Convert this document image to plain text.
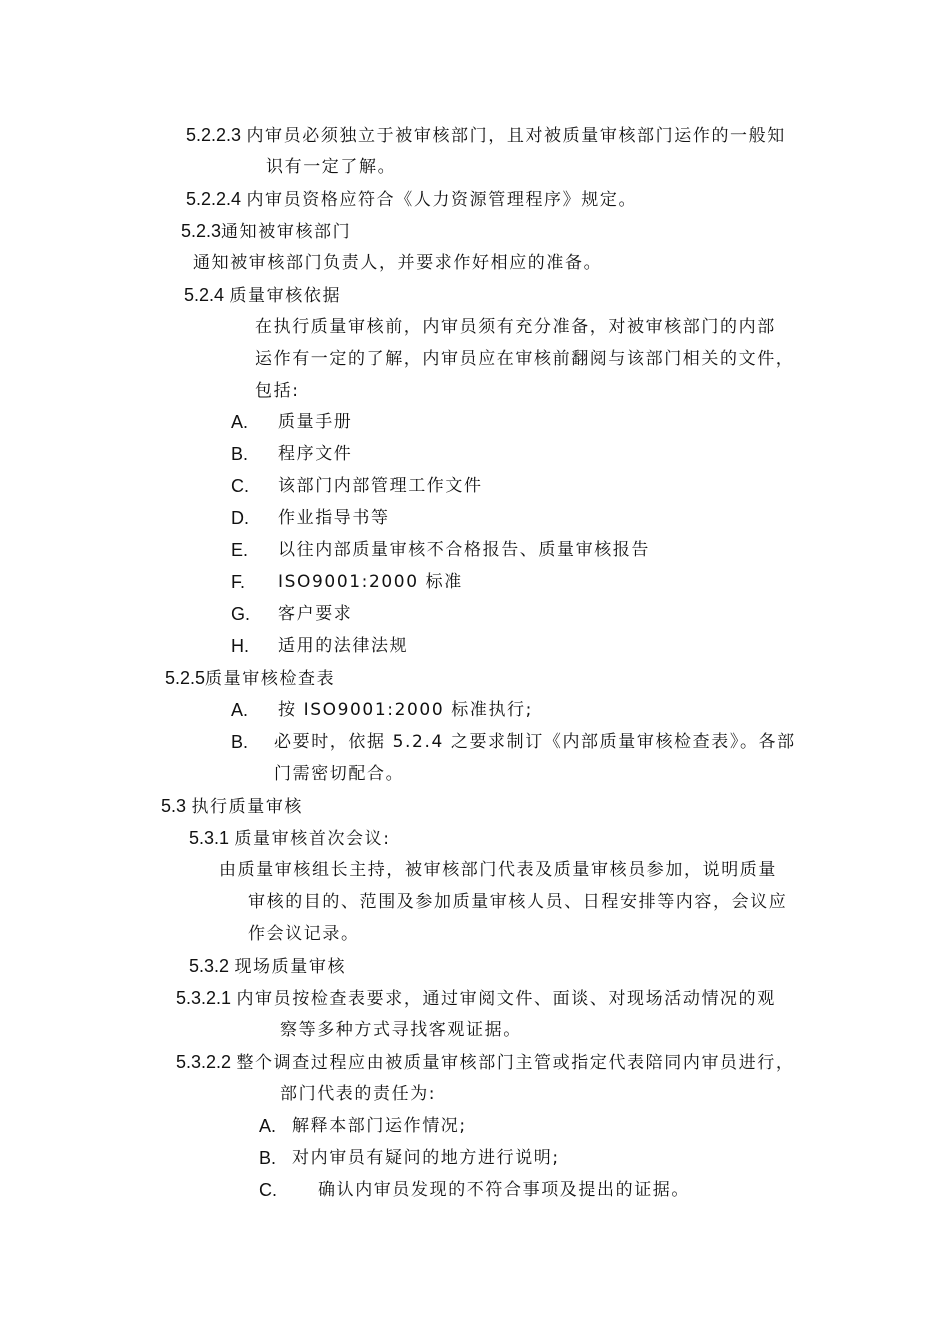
5.2.2.3 内审员必须独立于被审核部门，且对被质量审核部门运作的一般知
识有一定了解。
5.2.2.4 内审员资格应符合《人力资源管理程序》规定。
5.2.3通知被审核部门
通知被审核部门负责人，并要求作好相应的准备。
5.2.4 质量审核依据
在执行质量审核前，内审员须有充分准备，对被审核部门的内部
运作有一定的了解，内审员应在审核前翻阅与该部门相关的文件，
包括:
A. 质量手册
B. 程序文件
C. 该部门内部管理工作文件
D. 作业指导书等
E. 以往内部质量审核不合格报告、质量审核报告
F. ISO9001:2000 标准
G. 客户要求
H. 适用的法律法规
5.2.5质量审核检查表
A. 按 ISO9001:2000 标准执行;
B. 必要时，依据 5.2.4 之要求制订《内部质量审核检查表》。各部
门需密切配合。
5.3 执行质量审核
5.3.1 质量审核首次会议:
由质量审核组长主持，被审核部门代表及质量审核员参加，说明质量
审核的目的、范围及参加质量审核人员、日程安排等内容，会议应
作会议记录。
5.3.2 现场质量审核
5.3.2.1 内审员按检查表要求，通过审阅文件、面谈、对现场活动情况的观
察等多种方式寻找客观证据。
5.3.2.2 整个调查过程应由被质量审核部门主管或指定代表陪同内审员进行，
部门代表的责任为:
A. 解释本部门运作情况;
B. 对内审员有疑问的地方进行说明;
C. 确认内审员发现的不符合事项及提出的证据。
